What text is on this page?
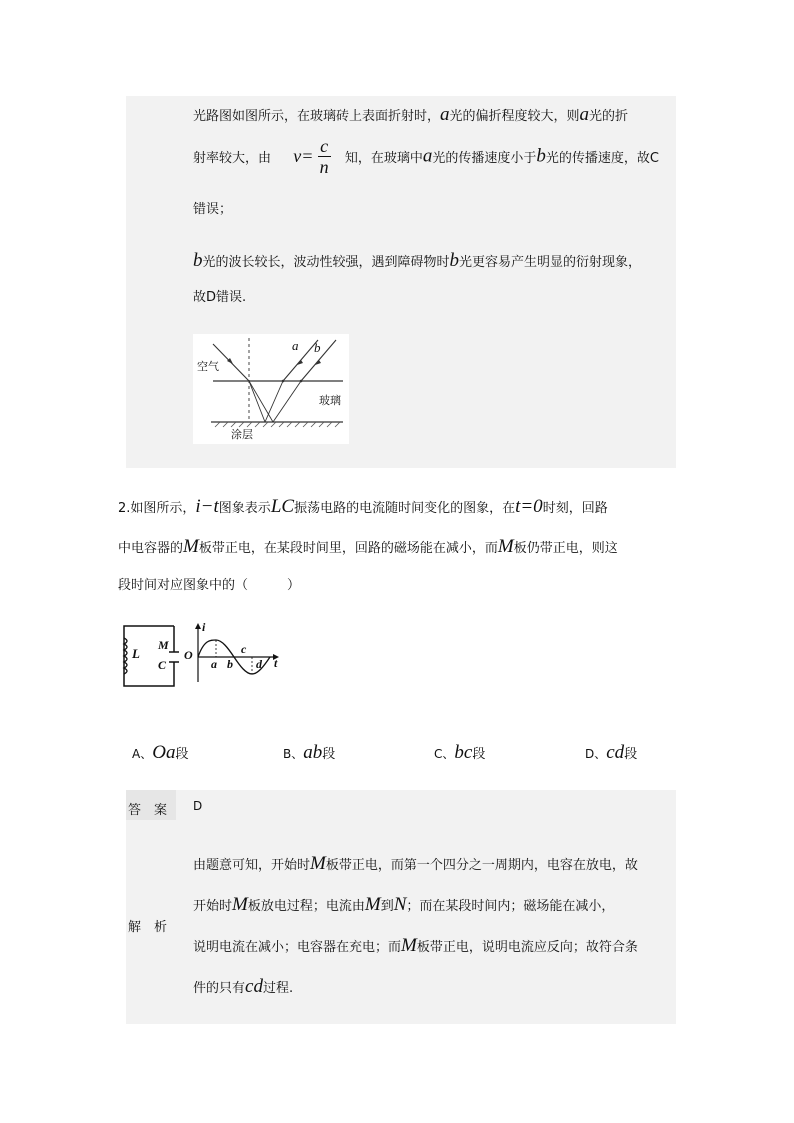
光路图如图所示，在玻璃砖上表面折射时，a光的偏折程度较大，则a光的折
射率较大，由 $v= \frac{c}{n}$ 知，在玻璃中a光的传播速度小于b光的传播速度，故C
错误；
b光的波长较长，波动性较强，遇到障碍物时b光更容易产生明显的衍射现象，
故D错误.
空气
玻璃
涂层
a b
2.如图所示，i−t图象表示LC振荡电路的电流随时间变化的图象，在t=0时刻，回路
中电容器的M板带正电，在某段时间里，回路的磁场能在减小，而M板仍带正电，则这
段时间对应图象中的（　　　）
L
M
C
O
i
t
a b
c
d
A、Oa段	B、ab段	C、bc段	D、cd段
答　案 D
解　析
由题意可知，开始时M板带正电，而第一个四分之一周期内，电容在放电，故
开始时M板放电过程；电流由M到N；而在某段时间内；磁场能在减小，
说明电流在减小；电容器在充电；而M板带正电，说明电流应反向；故符合条
件的只有cd过程.
